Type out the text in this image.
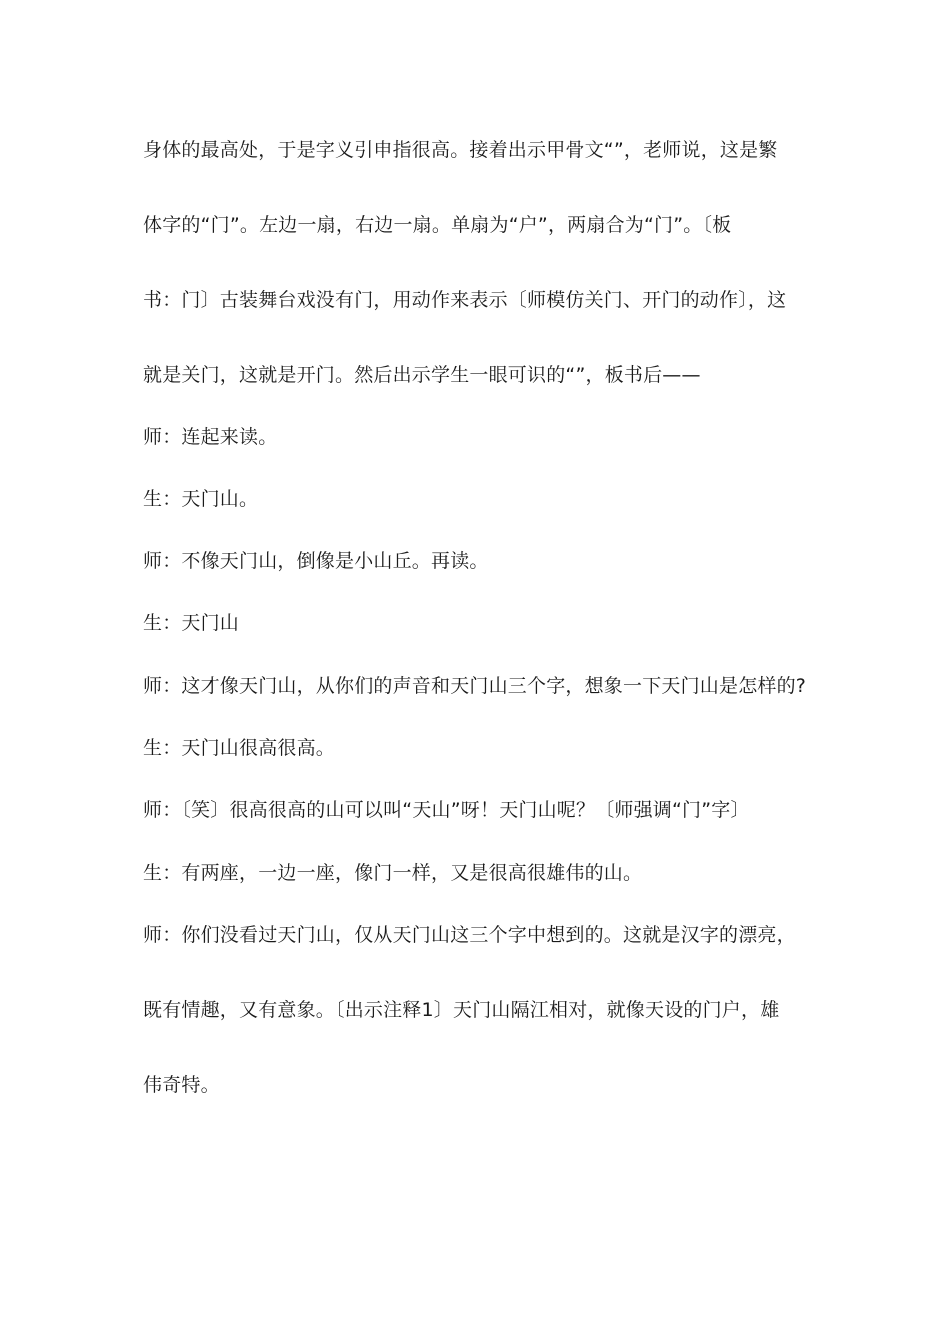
身体的最高处，于是字义引申指很高。接着出示甲骨文“”，老师说，这是繁
体字的“门”。左边一扇，右边一扇。单扇为“户”，两扇合为“门”。〔板
书：门〕古装舞台戏没有门，用动作来表示〔师模仿关门、开门的动作〕，这
就是关门，这就是开门。然后出示学生一眼可识的“”，板书后——
师：连起来读。
生：天门山。
师：不像天门山，倒像是小山丘。再读。
生：天门山
师：这才像天门山，从你们的声音和天门山三个字，想象一下天门山是怎样的?
生：天门山很高很高。
师：〔笑〕很高很高的山可以叫“天山”呀！天门山呢？〔师强调“门”字〕
生：有两座，一边一座，像门一样，又是很高很雄伟的山。
师：你们没看过天门山，仅从天门山这三个字中想到的。这就是汉字的漂亮，
既有情趣，又有意象。〔出示注释1〕天门山隔江相对，就像天设的门户，雄
伟奇特。
